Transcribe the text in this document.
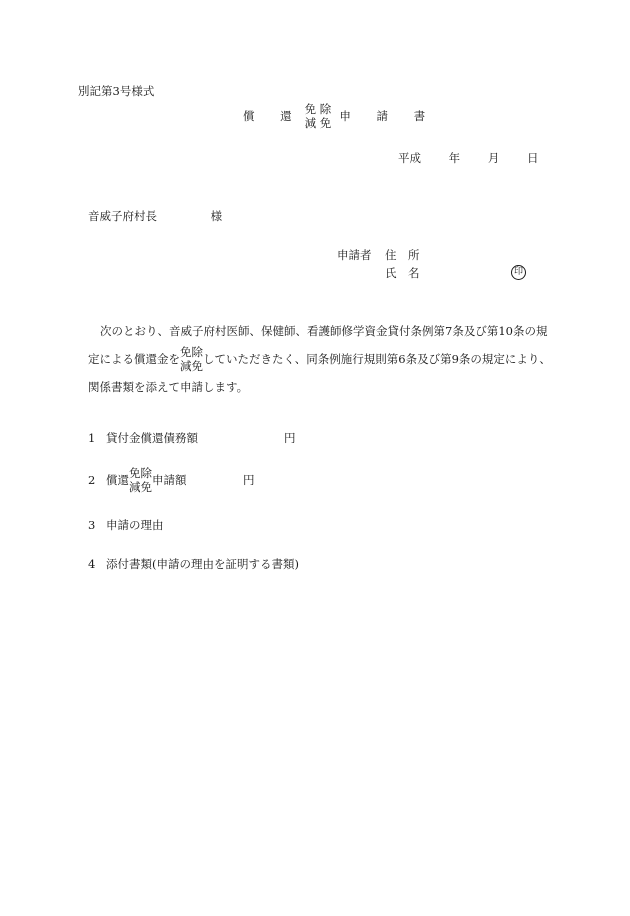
別記第3号様式
償 還 免 除
減 免
申 請 書
平成 年 月 日
音威子府村長	様
申請者 住　所
氏　名	印
次のとおり、音威子府村医師、保健師、看護師修学資金貸付条例第7条及び第10条の規
定による償還金を
免除
減免 していただきたく、同条例施行規則第6条及び第9条の規定により、
関係書類を添えて申請します。
1 貸付金償還債務額	円
2 償還
免除
減免 申請額	円
3 申請の理由
4 添付書類(申請の理由を証明する書類)
